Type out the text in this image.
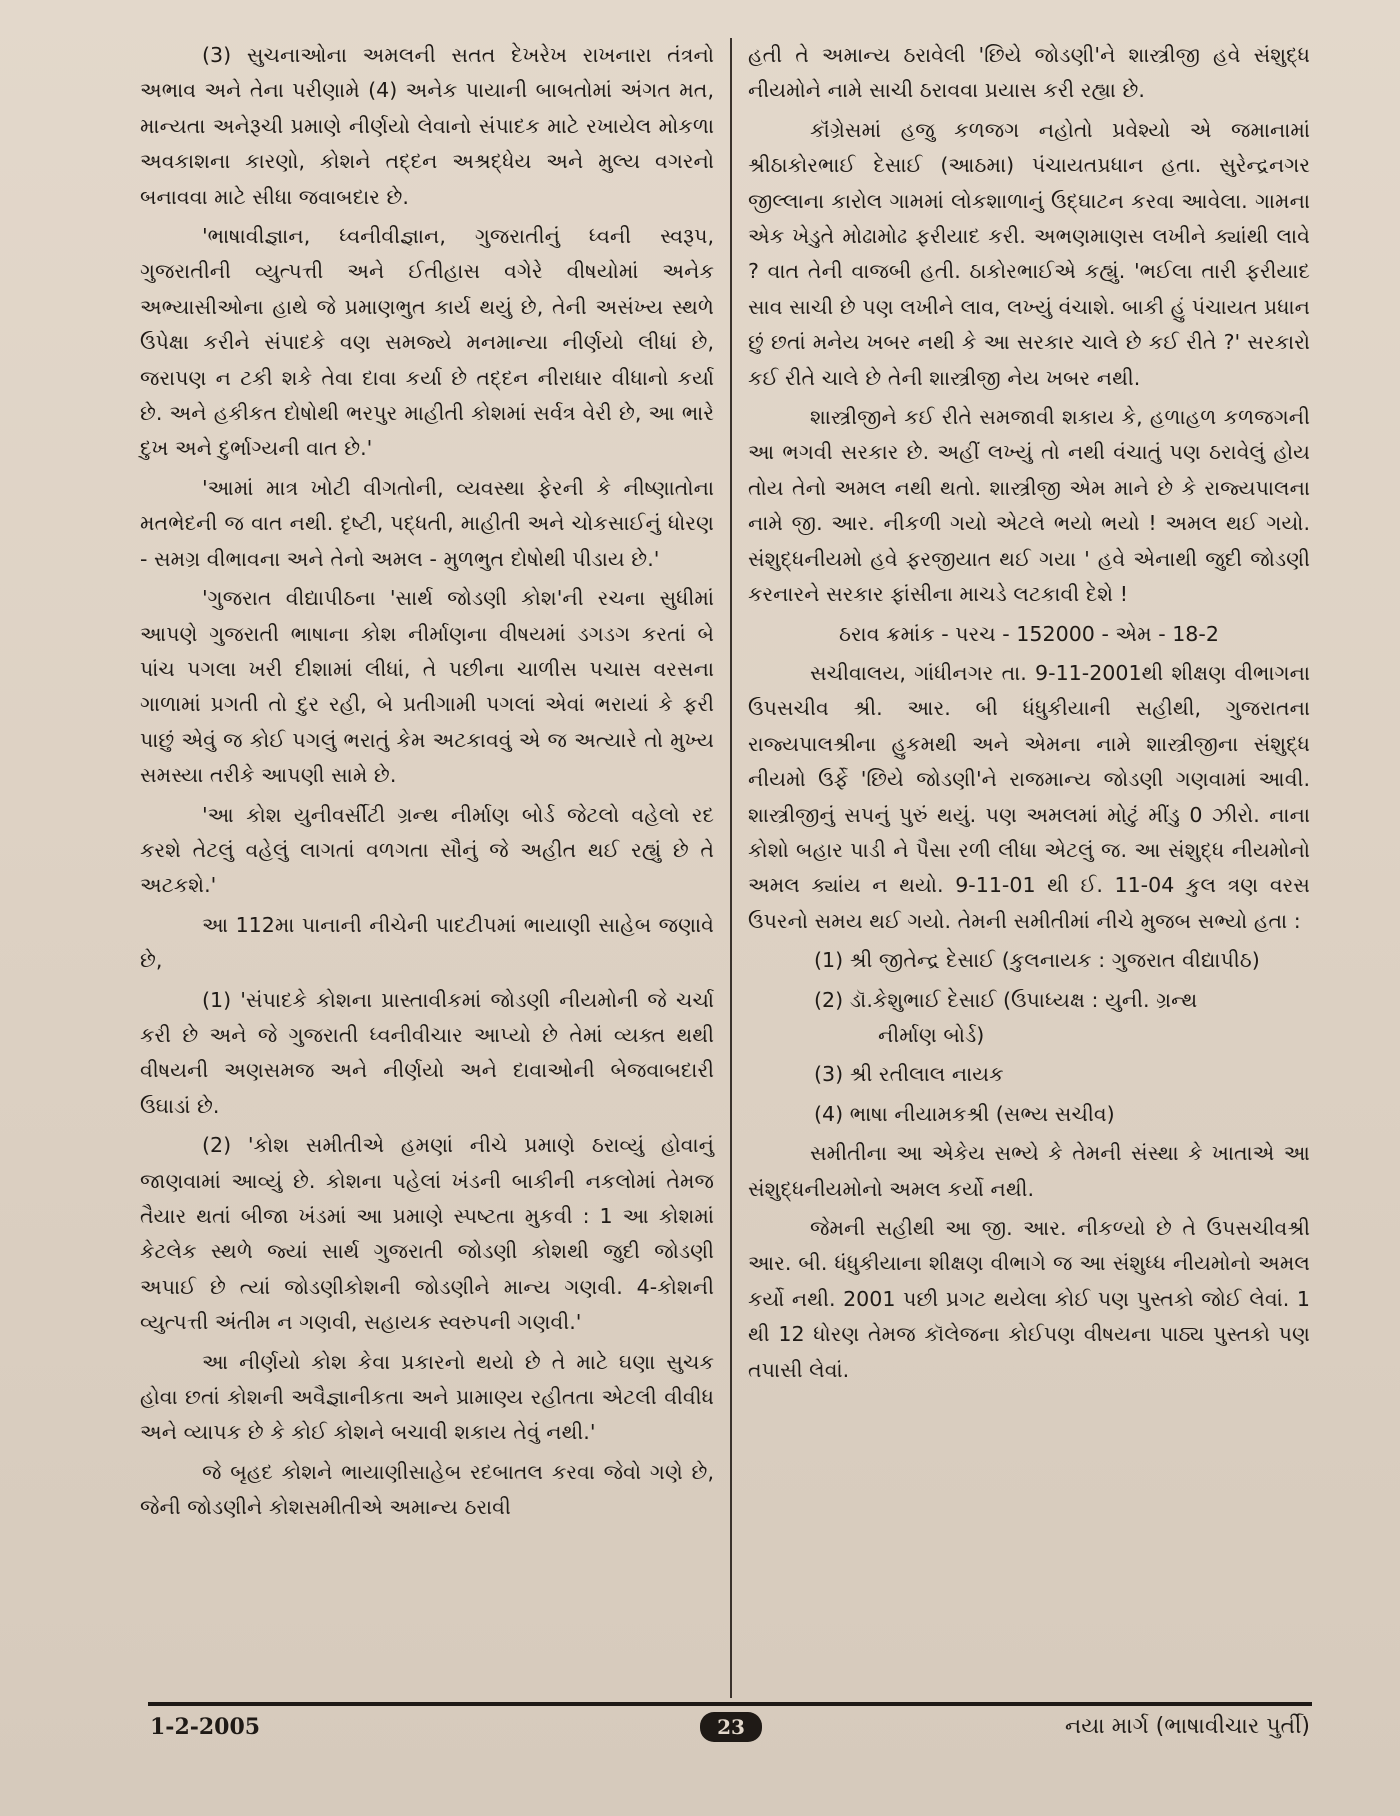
(3) સુચનાઓના અમલની સતત દેખરેખ રાખનારા તંત્રનો અભાવ અને તેના પરીણામે (4) અનેક પાયાની બાબતોમાં અંગત મત, માન્યતા અનેરૂચી પ્રમાણે નીર્ણયો લેવાનો સંપાદક માટે રખાયેલ મોકળા અવકાશના કારણો, કોશને તદ્દન અશ્રદ્ધેય અને મુલ્ય વગરનો બનાવવા માટે સીધા જવાબદાર છે.

'ભાષાવીજ્ઞાન, ધ્વનીવીજ્ઞાન, ગુજરાતીનું ધ્વની સ્વરૂપ, ગુજરાતીની વ્યુત્પત્તી અને ઈતીહાસ વગેરે વીષયોમાં અનેક અભ્યાસીઓના હાથે જે પ્રમાણભુત કાર્ય થયું છે, તેની અસંખ્ય સ્થળે ઉપેક્ષા કરીને સંપાદકે વણ સમજ્યે મનમાન્યા નીર્ણયો લીધાં છે, જરાપણ ન ટકી શકે તેવા દાવા કર્યા છે તદ્દન નીરાધાર વીધાનો કર્યા છે. અને હકીકત દોષોથી ભરપુર માહીતી કોશમાં સર્વત્ર વેરી છે, આ ભારે દુખ અને દુર્ભાગ્યની વાત છે.'

'આમાં માત્ર ખોટી વીગતોની, વ્યવસ્થા ફેરની કે નીષ્ણાતોના મતભેદની જ વાત નથી. દૃષ્ટી, પદ્ધતી, માહીતી અને ચોકસાઈનું ધોરણ - સમગ્ર વીભાવના અને તેનો અમલ - મુળભુત દોષોથી પીડાય છે.'

'ગુજરાત વીદ્યાપીઠના 'સાર્થ જોડણી કોશ'ની રચના સુધીમાં આપણે ગુજરાતી ભાષાના કોશ નીર્માણના વીષયમાં ડગડગ કરતાં બે પાંચ પગલા ખરી દીશામાં લીધાં, તે પછીના ચાળીસ પચાસ વરસના ગાળામાં પ્રગતી તો દુર રહી, બે પ્રતીગામી પગલાં એવાં ભરાયાં કે ફરી પાછું એવું જ કોઈ પગલું ભરાતું કેમ અટકાવવું એ જ અત્યારે તો મુખ્ય સમસ્યા તરીકે આપણી સામે છે.

'આ કોશ યુનીવર્સીટી ગ્રન્થ નીર્માણ બોર્ડ જેટલો વહેલો રદ કરશે તેટલું વહેલું લાગતાં વળગતા સૌનું જે અહીત થઈ રહ્યું છે તે અટકશે.'

આ 112મા પાનાની નીચેની પાદટીપમાં ભાયાણી સાહેબ જણાવે છે,

(1) 'સંપાદકે કોશના પ્રાસ્તાવીકમાં જોડણી નીયમોની જે ચર્ચા કરી છે અને જે ગુજરાતી ધ્વનીવીચાર આપ્યો છે તેમાં વ્યક્ત થથી વીષયની અણસમજ અને નીર્ણયો અને દાવાઓની બેજવાબદારી ઉઘાડાં છે.

(2) 'કોશ સમીતીએ હમણાં નીચે પ્રમાણે ઠરાવ્યું હોવાનું જાણવામાં આવ્યું છે. કોશના પહેલાં ખંડની બાકીની નકલોમાં તેમજ તૈયાર થતાં બીજા ખંડમાં આ પ્રમાણે સ્પષ્ટતા મુકવી : 1 આ કોશમાં કેટલેક સ્થળે જ્યાં સાર્થ ગુજરાતી જોડણી કોશથી જુદી જોડણી અપાઈ છે ત્યાં જોડણીકોશની જોડણીને માન્ય ગણવી. 4-કોશની વ્યુત્પત્તી અંતીમ ન ગણવી, સહાયક સ્વરુપની ગણવી.'

આ નીર્ણયો કોશ કેવા પ્રકારનો થયો છે તે માટે ઘણા સુચક હોવા છતાં કોશની અવૈજ્ઞાનીકતા અને પ્રામાણ્ય રહીતતા એટલી વીવીધ અને વ્યાપક છે કે કોઈ કોશને બચાવી શકાય તેવું નથી.'

જે બૃહદ કોશને ભાયાણીસાહેબ રદબાતલ કરવા જેવો ગણે છે, જેની જોડણીને કોશસમીતીએ અમાન્ય ઠરાવી

હતી તે અમાન્ય ઠરાવેલી 'છિયે જોડણી'ને શાસ્ત્રીજી હવે સંશુદ્ધ નીયમોને નામે સાચી ઠરાવવા પ્રયાસ કરી રહ્યા છે.

કૉંગ્રેસમાં હજુ કળજગ નહોતો પ્રવેશ્યો એ જમાનામાં શ્રીઠાકોરભાઈ દેસાઈ (આઠમા) પંચાયતપ્રધાન હતા. સુરેન્દ્રનગર જીલ્લાના કારોલ ગામમાં લોકશાળાનું ઉદ્ઘાટન કરવા આવેલા. ગામના એક ખેડુતે મોઢામોઢ ફરીયાદ કરી. અભણમાણસ લખીને ક્યાંથી લાવે ? વાત તેની વાજબી હતી. ઠાકોરભાઈએ કહ્યું. 'ભઈલા તારી ફરીયાદ સાવ સાચી છે પણ લખીને લાવ, લખ્યું વંચાશે. બાકી હું પંચાયત પ્રધાન છું છતાં મનેય ખબર નથી કે આ સરકાર ચાલે છે કઈ રીતે ?' સરકારો કઈ રીતે ચાલે છે તેની શાસ્ત્રીજી નેય ખબર નથી.

શાસ્ત્રીજીને કઈ રીતે સમજાવી શકાય કે, હળાહળ કળજગની આ ભગવી સરકાર છે. અહીં લખ્યું તો નથી વંચાતું પણ ઠરાવેલું હોય તોય તેનો અમલ નથી થતો. શાસ્ત્રીજી એમ માને છે કે રાજ્યપાલના નામે જી. આર. નીકળી ગયો એટલે ભયો ભયો ! અમલ થઈ ગયો. સંશુદ્ધનીયમો હવે ફરજીયાત થઈ ગયા ' હવે એનાથી જુદી જોડણી કરનારને સરકાર ફાંસીના માચડે લટકાવી દેશે !

ઠરાવ ક્રમાંક - પરચ - 152000 - એમ - 18-2

સચીવાલય, ગાંધીનગર તા. 9-11-2001થી શીક્ષણ વીભાગના ઉપસચીવ શ્રી. આર. બી ધંધુકીયાની સહીથી, ગુજરાતના રાજ્યપાલશ્રીના હુકમથી અને એમના નામે શાસ્ત્રીજીના સંશુદ્ધ નીયમો ઉર્ફે 'છિયે જોડણી'ને રાજમાન્ય જોડણી ગણવામાં આવી. શાસ્ત્રીજીનું સપનું પુરું થયું. પણ અમલમાં મોટું મીંડુ 0 ઝીરો. નાના કોશો બહાર પાડી ને પૈસા રળી લીધા એટલું જ. આ સંશુદ્ધ નીયમોનો અમલ ક્યાંય ન થયો. 9-11-01 થી ઈ. 11-04 કુલ ત્રણ વરસ ઉપરનો સમય થઈ ગયો. તેમની સમીતીમાં નીચે મુજબ સભ્યો હતા :

(1) શ્રી જીતેન્દ્ર દેસાઈ (કુલનાયક : ગુજરાત વીદ્યાપીઠ)

(2) ડૉ.કેશુભાઈ દેસાઈ (ઉપાધ્યક્ષ : યુની. ગ્રન્થ
નીર્માણ બોર્ડ)

(3) શ્રી રતીલાલ નાયક

(4) ભાષા નીયામકશ્રી (સભ્ય સચીવ)

સમીતીના આ એકેય સભ્યે કે તેમની સંસ્થા કે ખાતાએ આ સંશુદ્ધનીયમોનો અમલ કર્યો નથી.

જેમની સહીથી આ જી. આર. નીકળ્યો છે તે ઉપસચીવશ્રી આર. બી. ધંધુકીયાના શીક્ષણ વીભાગે જ આ સંશુધ્ધ નીયમોનો અમલ કર્યો નથી. 2001 પછી પ્રગટ થયેલા કોઈ પણ પુસ્તકો જોઈ લેવાં. 1 થી 12 ધોરણ તેમજ કૉલેજના કોઈપણ વીષયના પાઠ્ય પુસ્તકો પણ તપાસી લેવાં.

1-2-2005	23	નયા માર્ગ (ભાષાવીચાર પુર્તી)
